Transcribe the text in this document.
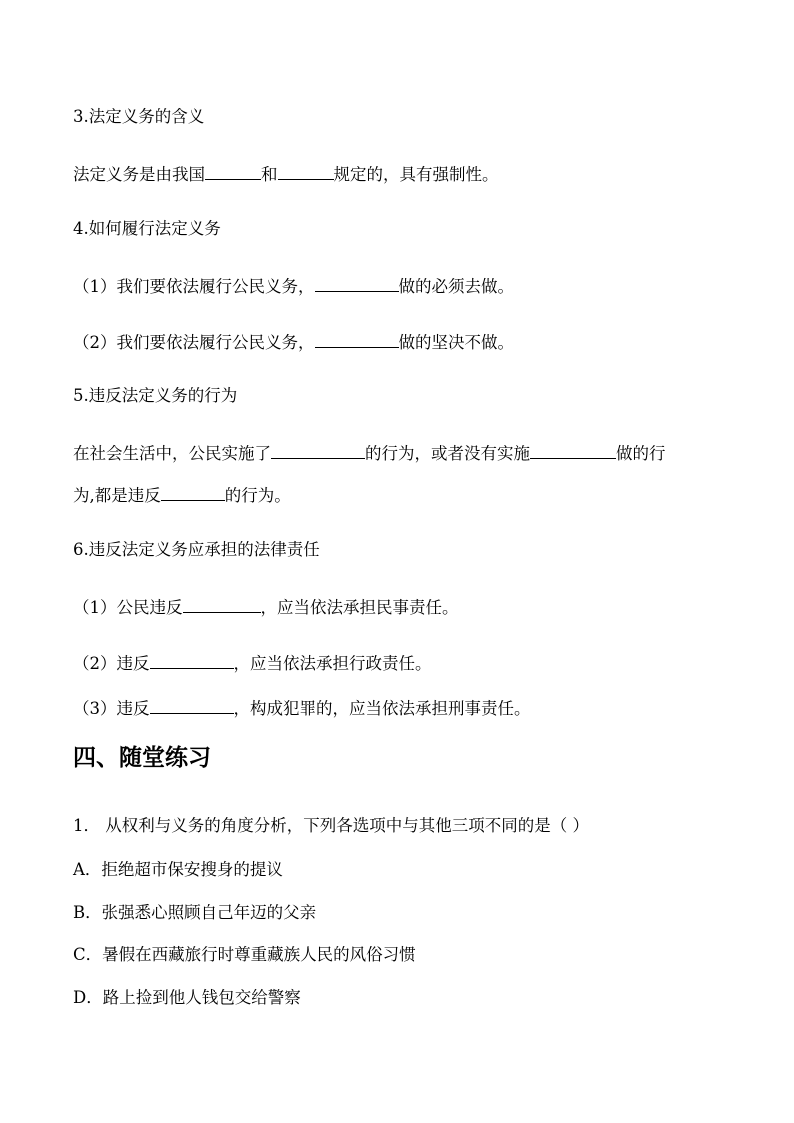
3.法定义务的含义
法定义务是由我国	和	规定的，具有强制性。
4.如何履行法定义务
（1）我们要依法履行公民义务，	做的必须去做。
（2）我们要依法履行公民义务，	做的坚决不做。
5.违反法定义务的行为
在社会生活中，公民实施了	的行为，或者没有实施	做的行
为,都是违反	的行为。
6.违反法定义务应承担的法律责任
（1）公民违反	，应当依法承担民事责任。
（2）违反	，应当依法承担行政责任。
（3）违反	，构成犯罪的，应当依法承担刑事责任。
四、随堂练习
1． 从权利与义务的角度分析，下列各选项中与其他三项不同的是（ ）
A．拒绝超市保安搜身的提议
B．张强悉心照顾自己年迈的父亲
C．暑假在西藏旅行时尊重藏族人民的风俗习惯
D．路上捡到他人钱包交给警察
